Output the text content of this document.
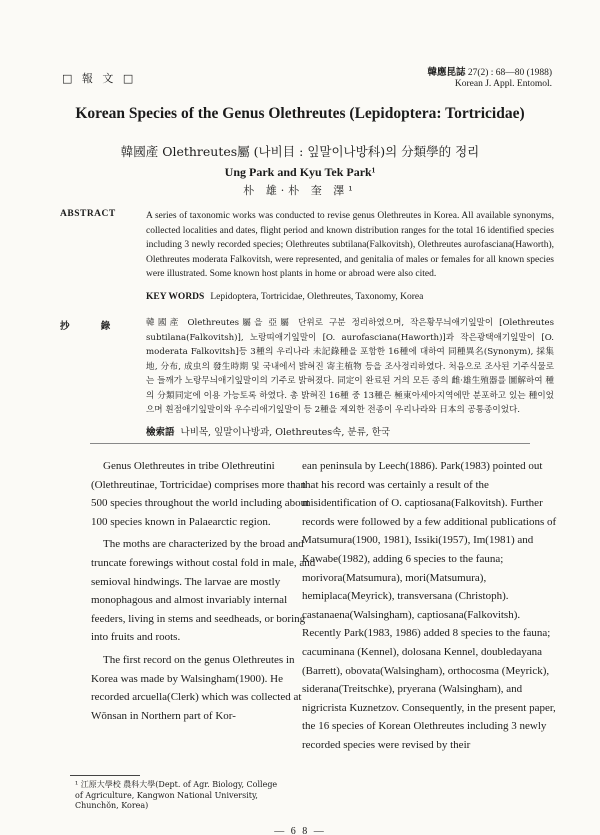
□ 報 文 □	韓應昆誌 27(2) : 68—80 (1988)
Korean J. Appl. Entomol.
Korean Species of the Genus Olethreutes (Lepidoptera: Tortricidae)
韓國產 Olethreutes屬 (나비目 : 잎말이나방科)의 分類學的 정리
Ung Park and Kyu Tek Park¹
朴 雄·朴 奎 澤¹
ABSTRACT	A series of taxonomic works was conducted to revise genus Olethreutes in Korea. All available synonyms, collected localities and dates, flight period and known distribution ranges for the total 16 identified species including 3 newly recorded species; Olethreutes subtilana(Falkovitsh), Olethreutes aurofasciana(Haworth), Olethreutes moderata Falkovitsh, were represented, and genitalia of males or females for all known species were illustrated. Some known host plants in home or abroad were also cited.
KEY WORDS Lepidoptera, Tortricidae, Olethreutes, Taxonomy, Korea
抄 錄	韓國產 Olethreutes屬을 亞屬 단위로 구분 정리하였으며, 작은황무늬애기잎말이 [Olethreutes subtilana(Falkovitsh)], 노랑띠애기잎말이 [O. aurofasciana(Haworth)]과 작은광택애기잎말이 [O. moderata Falkovitsh]등 3種의 우리나라 未記錄種을 포함한 16種에 대하여 同種異名(Synonym), 採集地, 分布, 成虫의 發生時期 및 국내에서 밝혀진 寄主植物 등을 조사정리하였다. 처음으로 조사된 기주식물로는 들깨가 노랑무늬애기잎말이의 기주로 밝혀졌다. 同定이 완료된 거의 모든 종의 雌·雄生殖器를 圖解하여 種의 分類同定에 이용 가능토록 하였다. 총 밝혀진 16種 중 13種은 極東아세아지역에만 분포하고 있는 種이었으며 흰점애기잎말이와 우수리애기잎말이 등 2種을 제외한 전종이 우리나라와 日本의 공통종이었다.
檢索語 나비목, 잎말이나방과, Olethreutes속, 분류, 한국

Genus Olethreutes in tribe Olethreutini (Olethreutinae, Tortricidae) comprises more than 500 species throughout the world including about 100 species known in Palaearctic region.

The moths are characterized by the broad and truncate forewings without costal fold in male, and semioval hindwings. The larvae are mostly monophagous and almost invariably internal feeders, living in stems and seedheads, or boring into fruits and roots.

The first record on the genus Olethreutes in Korea was made by Walsingham(1900). He recorded arcuella(Clerk) which was collected at Wŏnsan in Northern part of Kor-

ean peninsula by Leech(1886). Park(1983) pointed out that his record was certainly a result of the misidentification of O. captiosana(Falkovitsh). Further records were followed by a few additional publications of Matsumura(1900, 1981), Issiki(1957), Im(1981) and Kawabe(1982), adding 6 species to the fauna; morivora(Matsumura), mori(Matsumura), hemiplaca(Meyrick), transversana (Christoph). castanaena(Walsingham), captiosana(Falkovitsh). Recently Park(1983, 1986) added 8 species to the fauna; cacuminana (Kennel), dolosana Kennel, doubledayana (Barrett), obovata(Walsingham), orthocosma (Meyrick), siderana(Treitschke), pryerana (Walsingham), and nigricrista Kuznetzov. Consequently, in the present paper, the 16 species of Korean Olethreutes including 3 newly recorded species were revised by their

¹ 江原大學校 農科大學(Dept. of Agr. Biology, College of Agriculture, Kangwon National University, Chunchŏn, Korea)
— 6 8 —
